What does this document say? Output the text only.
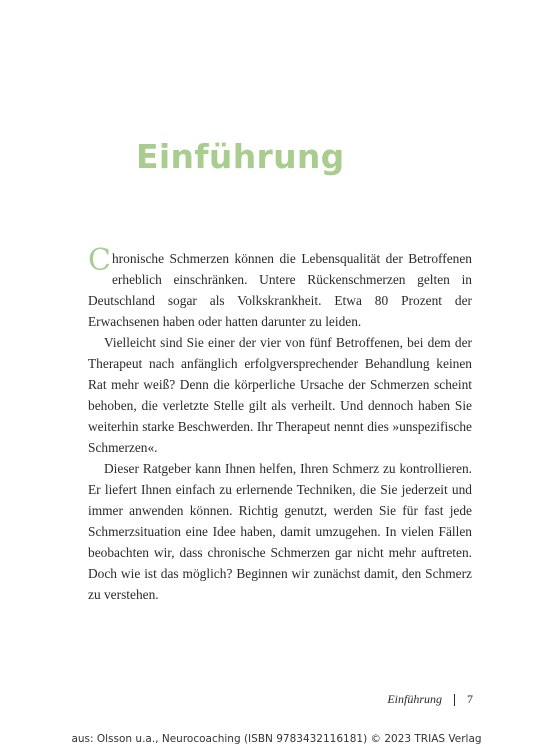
Einführung

Chronische Schmerzen können die Lebensqualität der Betroffenen erheblich einschränken. Untere Rückenschmerzen gelten in Deutschland sogar als Volkskrankheit. Etwa 80 Prozent der Erwachsenen haben oder hatten darunter zu leiden.

Vielleicht sind Sie einer der vier von fünf Betroffenen, bei dem der Therapeut nach anfänglich erfolgversprechender Behandlung keinen Rat mehr weiß? Denn die körperliche Ursache der Schmerzen scheint behoben, die verletzte Stelle gilt als verheilt. Und dennoch haben Sie weiterhin starke Beschwerden. Ihr Therapeut nennt dies »unspezifische Schmerzen«.

Dieser Ratgeber kann Ihnen helfen, Ihren Schmerz zu kontrollieren. Er liefert Ihnen einfach zu erlernende Techniken, die Sie jederzeit und immer anwenden können. Richtig genutzt, werden Sie für fast jede Schmerzsituation eine Idee haben, damit umzugehen. In vielen Fällen beobachten wir, dass chronische Schmerzen gar nicht mehr auftreten. Doch wie ist das möglich? Beginnen wir zunächst damit, den Schmerz zu verstehen.

Einführung 7
aus: Olsson u.a., Neurocoaching (ISBN 9783432116181) © 2023 TRIAS Verlag
